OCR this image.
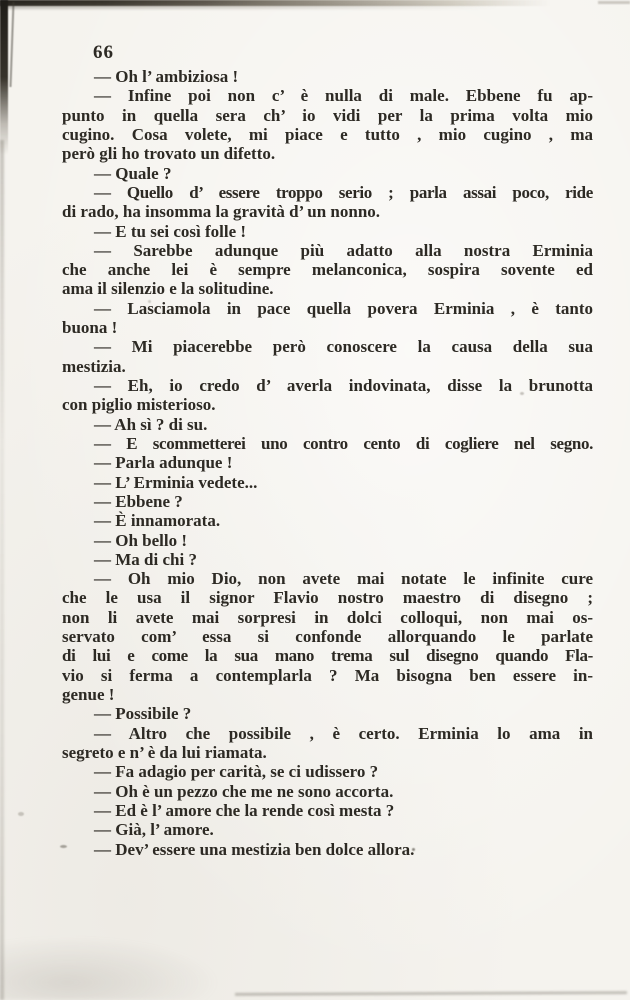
66
— Oh l’ ambiziosa !
— Infine poi non c’ è nulla di male. Ebbene fu ap-
punto in quella sera ch’ io vidi per la prima volta mio
cugino. Cosa volete, mi piace e tutto , mio cugino , ma
però gli ho trovato un difetto.
— Quale ?
— Quello d’ essere troppo serio ; parla assai poco, ride
di rado, ha insomma la gravità d’ un nonno.
— E tu sei così folle !
— Sarebbe adunque più adatto alla nostra Erminia
che anche lei è sempre melanconica, sospira sovente ed
ama il silenzio e la solitudine.
— Lasciamola in pace quella povera Erminia , è tanto
buona !
— Mi piacerebbe però conoscere la causa della sua
mestizia.
— Eh, io credo d’ averla indovinata, disse la brunotta
con piglio misterioso.
— Ah sì ? di su.
— E scommetterei uno contro cento di cogliere nel segno.
— Parla adunque !
— L’ Erminia vedete...
— Ebbene ?
— È innamorata.
— Oh bello !
— Ma di chi ?
— Oh mio Dio, non avete mai notate le infinite cure
che le usa il signor Flavio nostro maestro di disegno ;
non li avete mai sorpresi in dolci colloqui, non mai os-
servato com’ essa si confonde allorquando le parlate
di lui e come la sua mano trema sul disegno quando Fla-
vio si ferma a contemplarla ? Ma bisogna ben essere in-
genue !
— Possibile ?
— Altro che possibile , è certo. Erminia lo ama in
segreto e n’ è da lui riamata.
— Fa adagio per carità, se ci udissero ?
— Oh è un pezzo che me ne sono accorta.
— Ed è l’ amore che la rende così mesta ?
— Già, l’ amore.
— Dev’ essere una mestizia ben dolce allora.
